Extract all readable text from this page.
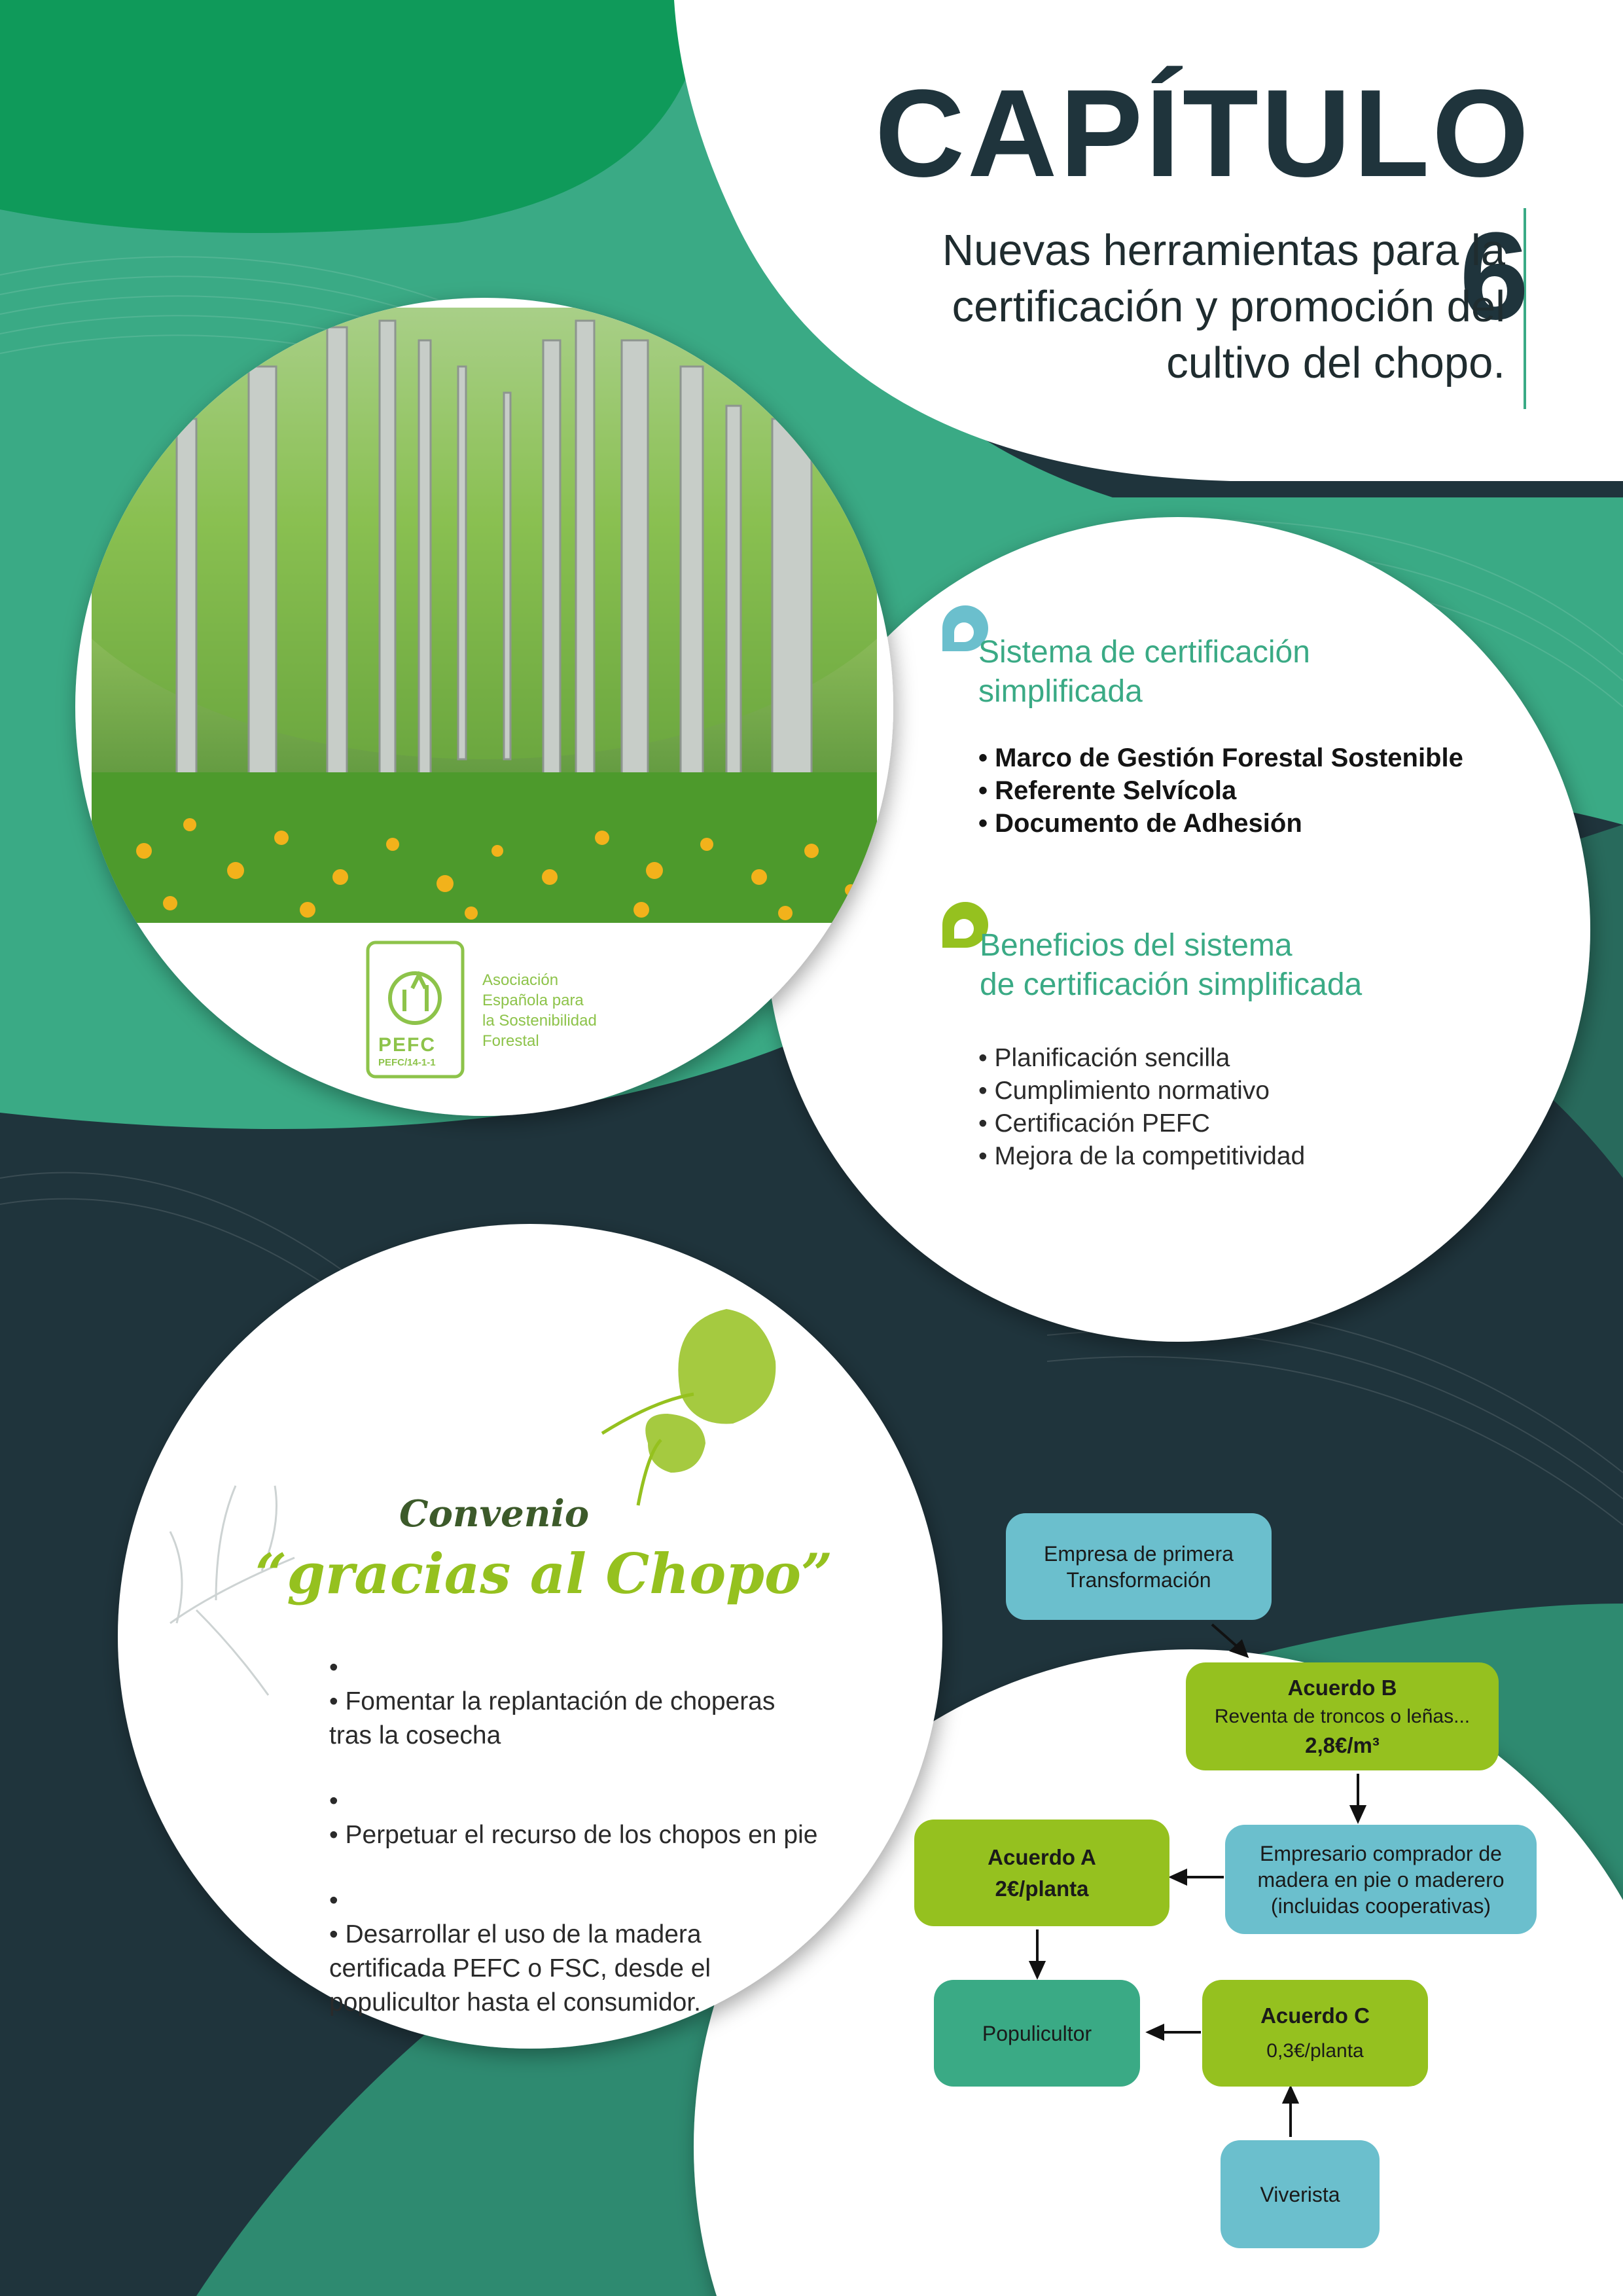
CAPÍTULO 6
Nuevas herramientas para la
certificación y promoción del
cultivo del chopo.
PEFC
PEFC/14-1-1
Asociación
Española para
la Sostenibilidad
Forestal
Sistema de certificación
simplificada
• Marco de Gestión Forestal Sostenible
• Referente Selvícola
• Documento de Adhesión
Beneficios del sistema
de certificación simplificada
• Planificación sencilla
• Cumplimiento normativo
• Certificación PEFC
• Mejora de la competitividad
Convenio
“gracias al Chopo”
• • Fomentar la replantación de choperas
tras la cosecha
• • Perpetuar el recurso de los chopos en pie
• • Desarrollar el uso de la madera
certificada PEFC o FSC, desde el
populicultor hasta el consumidor.
Empresa de primera
Transformación
Acuerdo B
Reventa de troncos o leñas...
2,8€/m³
Empresario comprador de
madera en pie o maderero
(incluidas cooperativas)
Acuerdo A
2€/planta
Populicultor
Acuerdo C
0,3€/planta
Viverista
